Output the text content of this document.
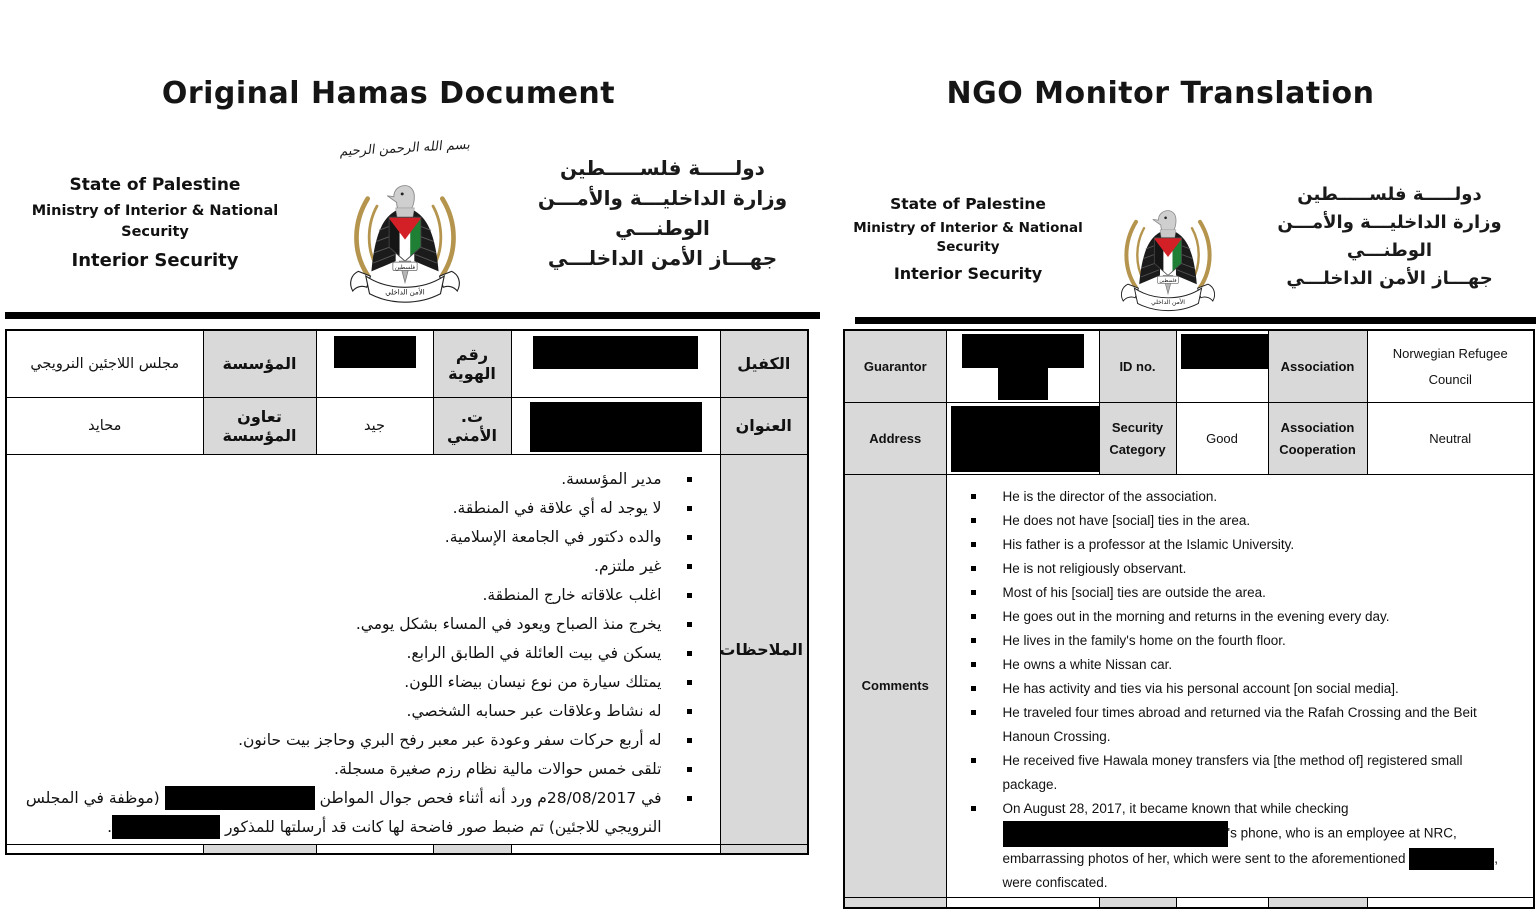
Original Hamas Document
State of Palestine
Ministry of Interior & National
Security
Interior Security
بسم الله الرحمن الرحيم
فلسطين
الأمن الداخلي
دولـــــة فلســـــطين
وزارة الداخليـــة والأمـــن
الوطنـــي
جهـــاز الأمن الداخلـــي
الكفيل		رقم الهوية		المؤسسة	مجلس اللاجئين النرويجي
العنوان		ت. الأمني	جيد	تعاون المؤسسة	محايد
الملاحظات	
مدير المؤسسة.
لا يوجد له أي علاقة في المنطقة.
والده دكتور في الجامعة الإسلامية.
غير ملتزم.
اغلب علاقاته خارج المنطقة.
يخرج منذ الصباح ويعود في المساء بشكل يومي.
يسكن في بيت العائلة في الطابق الرابع.
يمتلك سيارة من نوع نيسان بيضاء اللون.
له نشاط وعلاقات عبر حسابه الشخصي.
له أربع حركات سفر وعودة عبر معبر رفح البري وحاجز بيت حانون.
تلقى خمس حوالات مالية نظام رزم صغيرة مسجلة.
في 28/08/2017م ورد أنه أثناء فحص جوال المواطن  (موظفة في المجلس النرويجي للاجئين) تم ضبط صور فاضحة لها كانت قد أرسلتها للمذكور .

NGO Monitor Translation
State of Palestine
Ministry of Interior & National
Security
Interior Security	فلسطين
الأمن الداخلي
دولـــــة فلســـــطين
وزارة الداخليـــة والأمـــن
الوطنـــي
جهـــاز الأمن الداخلـــي
Guarantor		ID no.		Association	Norwegian Refugee Council
Address		Security Category	Good	Association Cooperation	Neutral
Comments	
He is the director of the association.
He does not have [social] ties in the area.
His father is a professor at the Islamic University.
He is not religiously observant.
Most of his [social] ties are outside the area.
He goes out in the morning and returns in the evening every day.
He lives in the family's home on the fourth floor.
He owns a white Nissan car.
He has activity and ties via his personal account [on social media].
He traveled four times abroad and returned via the Rafah Crossing and the Beit Hanoun Crossing.
He received five Hawala money transfers via [the method of] registered small package.
On August 28, 2017, it became known that while checking 's phone, who is an employee at NRC, embarrassing photos of her, which were sent to the aforementioned	, were confiscated.
